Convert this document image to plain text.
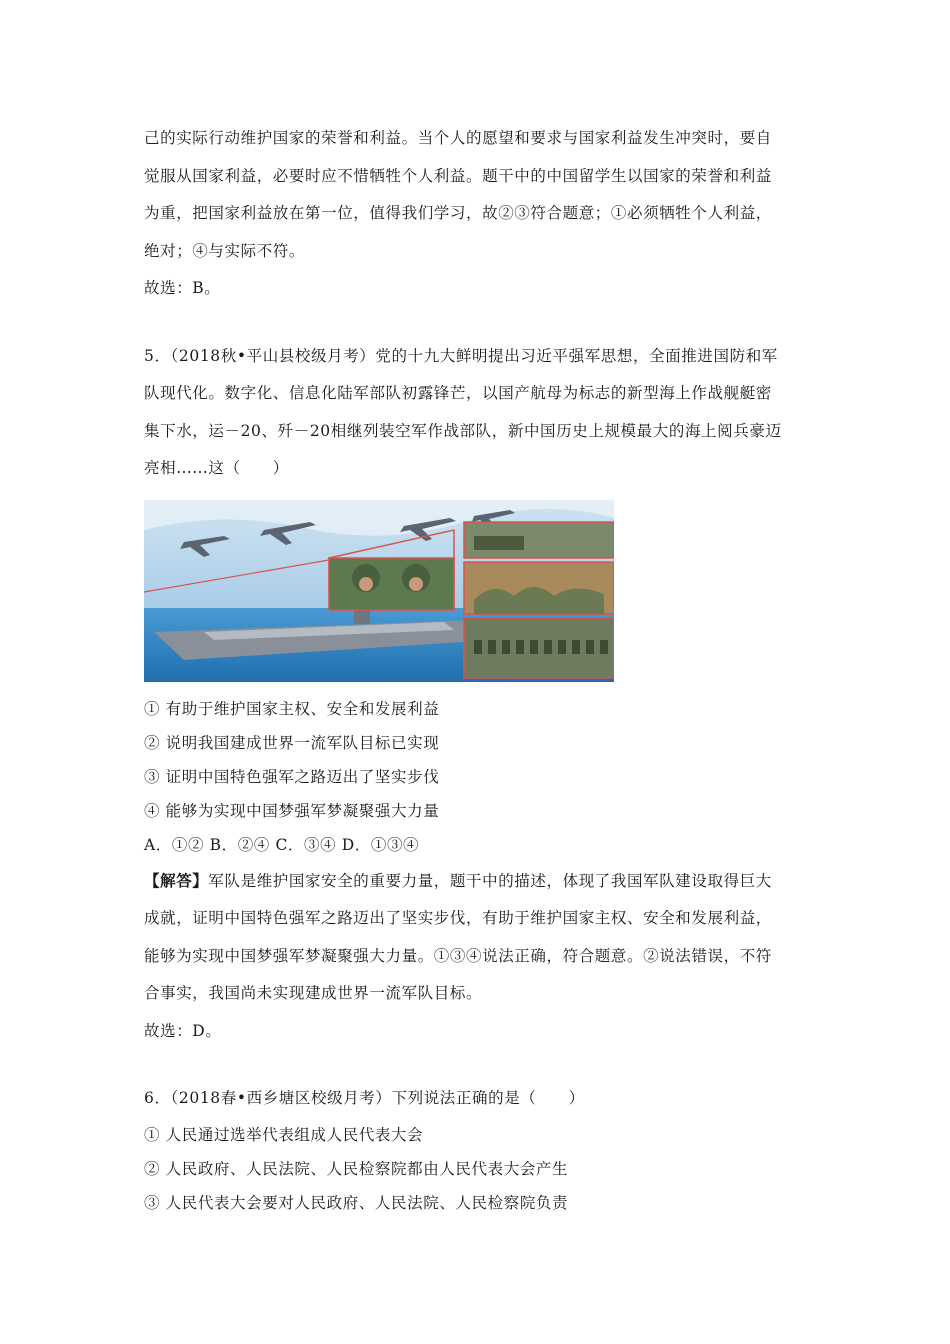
己的实际行动维护国家的荣誉和利益。当个人的愿望和要求与国家利益发生冲突时，要自

觉服从国家利益，必要时应不惜牺牲个人利益。题干中的中国留学生以国家的荣誉和利益

为重，把国家利益放在第一位，值得我们学习，故②③符合题意；①必须牺牲个人利益，

绝对；④与实际不符。

故选：B。

5．（2018秋•平山县校级月考）党的十九大鲜明提出习近平强军思想，全面推进国防和军

队现代化。数字化、信息化陆军部队初露锋芒，以国产航母为标志的新型海上作战舰艇密

集下水，运－20、歼－20相继列装空军作战部队，新中国历史上规模最大的海上阅兵豪迈

亮相……这（　　）

① 有助于维护国家主权、安全和发展利益

② 说明我国建成世界一流军队目标已实现

③ 证明中国特色强军之路迈出了坚实步伐

④ 能够为实现中国梦强军梦凝聚强大力量

A．①② B．②④ C．③④ D．①③④

【解答】军队是维护国家安全的重要力量，题干中的描述，体现了我国军队建设取得巨大

成就，证明中国特色强军之路迈出了坚实步伐，有助于维护国家主权、安全和发展利益，

能够为实现中国梦强军梦凝聚强大力量。①③④说法正确，符合题意。②说法错误，不符

合事实，我国尚未实现建成世界一流军队目标。

故选：D。

6．（2018春•西乡塘区校级月考）下列说法正确的是（　　）

① 人民通过选举代表组成人民代表大会

② 人民政府、人民法院、人民检察院都由人民代表大会产生

③ 人民代表大会要对人民政府、人民法院、人民检察院负责
